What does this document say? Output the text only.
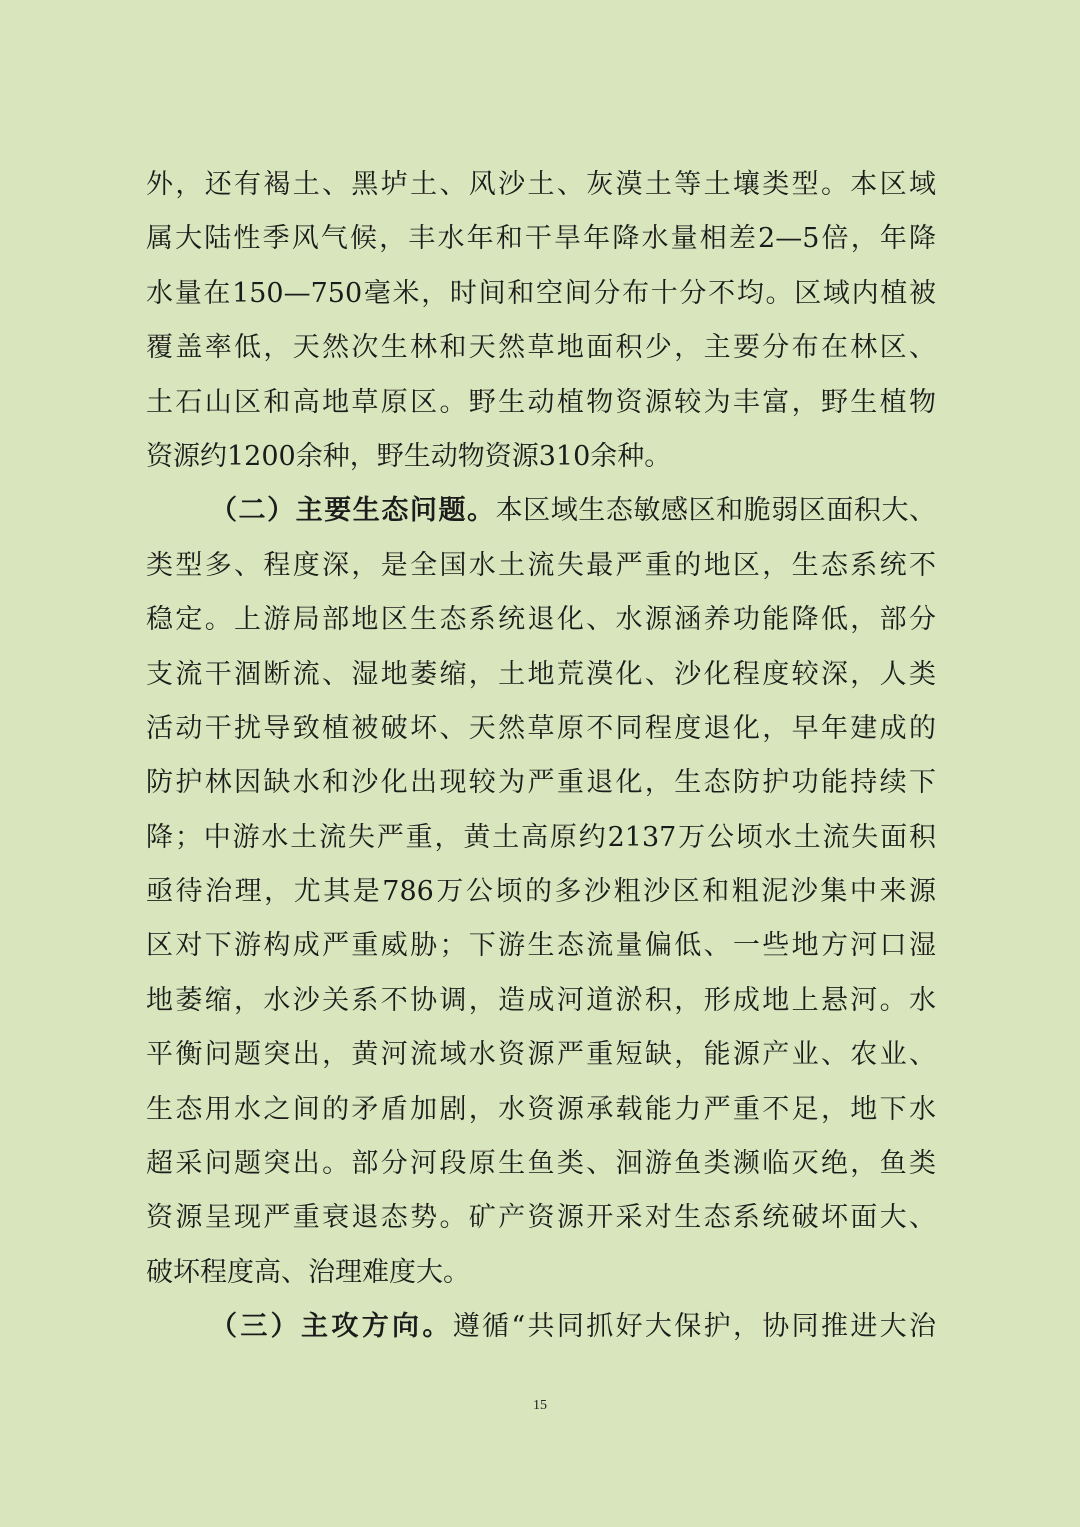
外，还有褐土、黑垆土、风沙土、灰漠土等土壤类型。本区域
属大陆性季风气候，丰水年和干旱年降水量相差2—5倍，年降
水量在150—750毫米，时间和空间分布十分不均。区域内植被
覆盖率低，天然次生林和天然草地面积少，主要分布在林区、
土石山区和高地草原区。野生动植物资源较为丰富，野生植物
资源约1200余种，野生动物资源310余种。
（二）主要生态问题。本区域生态敏感区和脆弱区面积大、
类型多、程度深，是全国水土流失最严重的地区，生态系统不
稳定。上游局部地区生态系统退化、水源涵养功能降低，部分
支流干涸断流、湿地萎缩，土地荒漠化、沙化程度较深，人类
活动干扰导致植被破坏、天然草原不同程度退化，早年建成的
防护林因缺水和沙化出现较为严重退化，生态防护功能持续下
降；中游水土流失严重，黄土高原约2137万公顷水土流失面积
亟待治理，尤其是786万公顷的多沙粗沙区和粗泥沙集中来源
区对下游构成严重威胁；下游生态流量偏低、一些地方河口湿
地萎缩，水沙关系不协调，造成河道淤积，形成地上悬河。水
平衡问题突出，黄河流域水资源严重短缺，能源产业、农业、
生态用水之间的矛盾加剧，水资源承载能力严重不足，地下水
超采问题突出。部分河段原生鱼类、洄游鱼类濒临灭绝，鱼类
资源呈现严重衰退态势。矿产资源开采对生态系统破坏面大、
破坏程度高、治理难度大。
（三）主攻方向。遵循“共同抓好大保护，协同推进大治
15
